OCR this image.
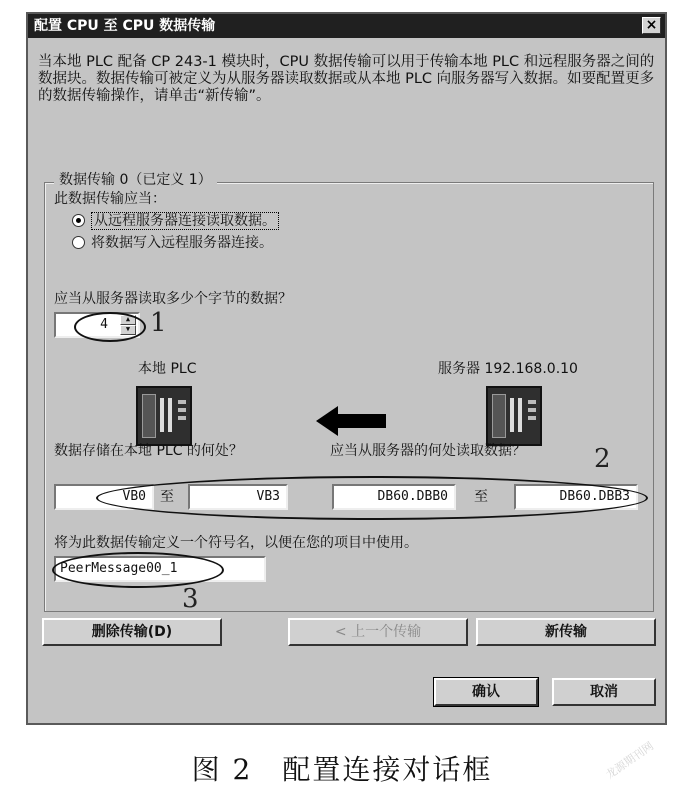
配置 CPU 至 CPU 数据传输	×
当本地 PLC 配备 CP 243-1 模块时，CPU 数据传输可以用于传输本地 PLC 和远程服务器之间的数据块。数据传输可被定义为从服务器读取数据或从本地 PLC 向服务器写入数据。如要配置更多的数据传输操作，请单击“新传输”。
数据传输 0（已定义 1）
此数据传输应当：
从远程服务器连接读取数据。
将数据写入远程服务器连接。
应当从服务器读取多少个字节的数据？
4	▲
▼
本地 PLC	服务器 192.168.0.10
数据存储在本地 PLC 的何处？	应当从服务器的何处读取数据？
VB0	至	VB3	DB60.DBB0	至	DB60.DBB3
将为此数据传输定义一个符号名，以便在您的项目中使用。
PeerMessage00_1
删除传输(D)	< 上一个传输	新传输
确认	取消
1
2
3
图 2　配置连接对话框	龙源期刊网
